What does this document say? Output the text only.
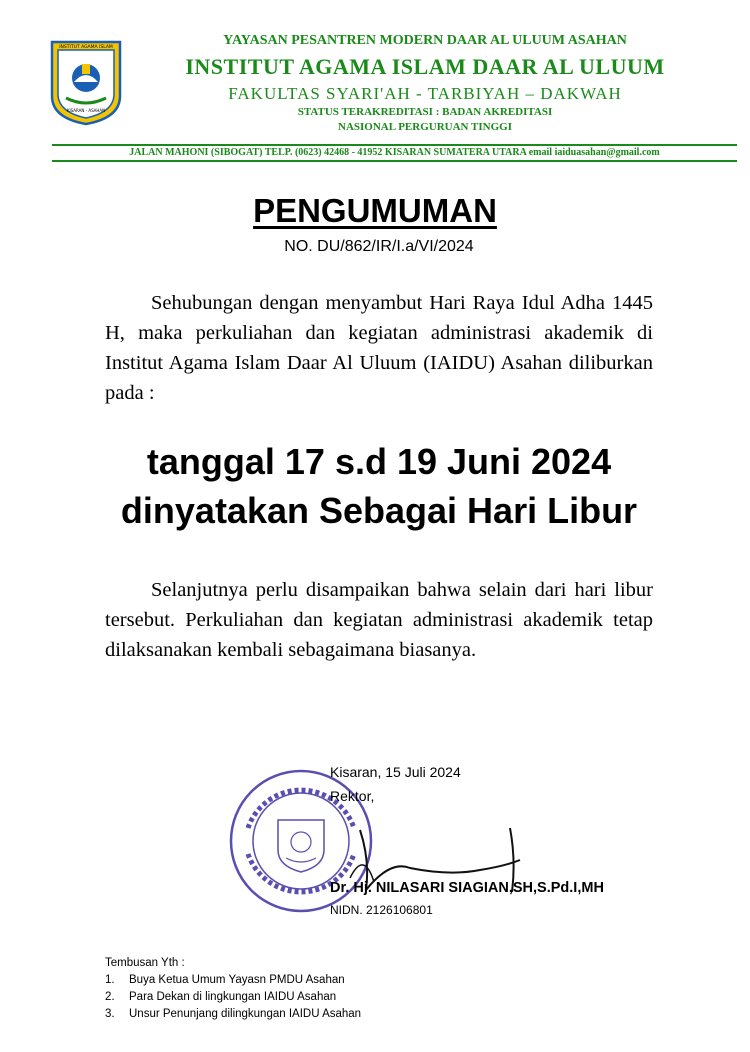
INSTITUT AGAMA ISLAM
KISARAN - ASAHAN
YAYASAN PESANTREN MODERN DAAR AL ULUUM ASAHAN
INSTITUT AGAMA ISLAM DAAR AL ULUUM
FAKULTAS SYARI'AH - TARBIYAH – DAKWAH
STATUS TERAKREDITASI : BADAN AKREDITASI
NASIONAL PERGURUAN TINGGI
JALAN MAHONI (SIBOGAT) TELP. (0623) 42468 - 41952 KISARAN SUMATERA UTARA email iaiduasahan@gmail.com
PENGUMUMAN
NO. DU/862/IR/I.a/VI/2024
Sehubungan dengan menyambut Hari Raya Idul Adha 1445 H, maka perkuliahan dan kegiatan administrasi akademik di Institut Agama Islam Daar Al Uluum (IAIDU) Asahan diliburkan pada :
tanggal 17 s.d 19 Juni 2024
dinyatakan Sebagai Hari Libur
Selanjutnya perlu disampaikan bahwa selain dari hari libur tersebut. Perkuliahan dan kegiatan administrasi akademik tetap dilaksanakan kembali sebagaimana biasanya.
Kisaran, 15 Juli 2024
Rektor,
Dr. Hj. NILASARI SIAGIAN,SH,S.Pd.I,MH
NIDN. 2126106801
Tembusan Yth :
1.	Buya Ketua Umum Yayasn PMDU Asahan
2.	Para Dekan di lingkungan IAIDU Asahan
3.	Unsur Penunjang dilingkungan IAIDU Asahan
